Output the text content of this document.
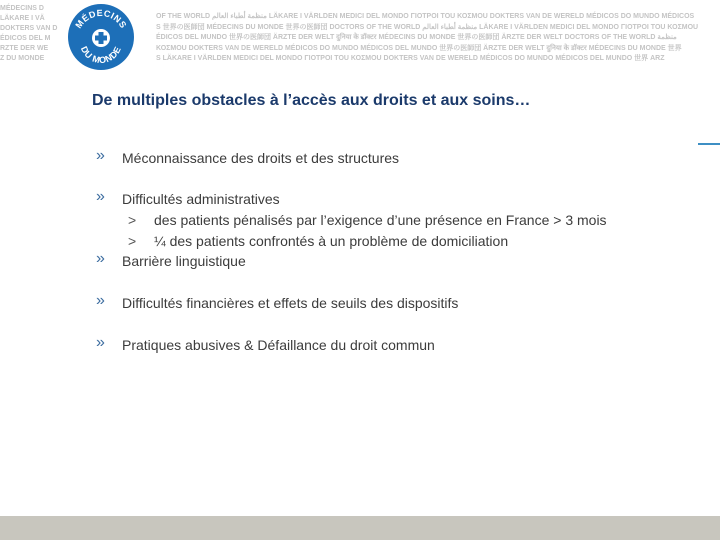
MÉDECINS D
LÄKARE I VÄ
DOKTERS VAN D
ÉDICOS DEL M
RZTE DER WE
Z DU MONDE
MÉDECINS
DU MONDE
OF THE WORLD ﻣﻨﻈﻤﺔ ﺃﻄﺒﺎﺀ ﺍﻟﻌﺎﻟﻢ LÄKARE I VÄRLDEN MEDICI DEL MONDO ΓΙΟΤΡΟΙ ΤΟU ΚΟΣΜΟU DOKTERS VAN DE WERELD MÉDICOS DO MUNDO MÉDICOS
S 世界の医師団 MÉDECINS DU MONDE 世界の医師団 DOCTORS OF THE WORLD ﻣﻨﻈﻤﺔ ﺃﻄﺒﺎﺀ ﺍﻟﻌﺎﻟﻢ LÄKARE I VÄRLDEN MEDICI DEL MONDO ΓΙΟΤΡΟΙ ΤΟU ΚΟΣΜΟU
ÉDICOS DEL MUNDO 世界の医師団 ÄRZTE DER WELT दुनिया के डॉक्टर MÉDECINS DU MONDE 世界の医師団 ÄRZTE DER WELT DOCTORS OF THE WORLD ﻣﻨﻈﻤﺔ
ΚΟΣΜΟU DOKTERS VAN DE WERELD MÉDICOS DO MUNDO MÉDICOS DEL MUNDO 世界の医師団 ÄRZTE DER WELT दुनिया के डॉक्टर MÉDECINS DU MONDE 世界
S LÄKARE I VÄRLDEN MEDICI DEL MONDO ΓΙΟΤΡΟΙ ΤΟU ΚΟΣΜΟU DOKTERS VAN DE WERELD MÉDICOS DO MUNDO MÉDICOS DEL MUNDO 世界 ARZ
De multiples obstacles à l’accès aux droits et aux soins…
» Méconnaissance des droits et des structures
» Difficultés administratives
> des patients pénalisés par l’exigence d’une présence en France > 3 mois
> ¼ des patients confrontés à un problème de domiciliation
» Barrière linguistique
» Difficultés financières et effets de seuils des dispositifs
» Pratiques abusives & Défaillance du droit commun
